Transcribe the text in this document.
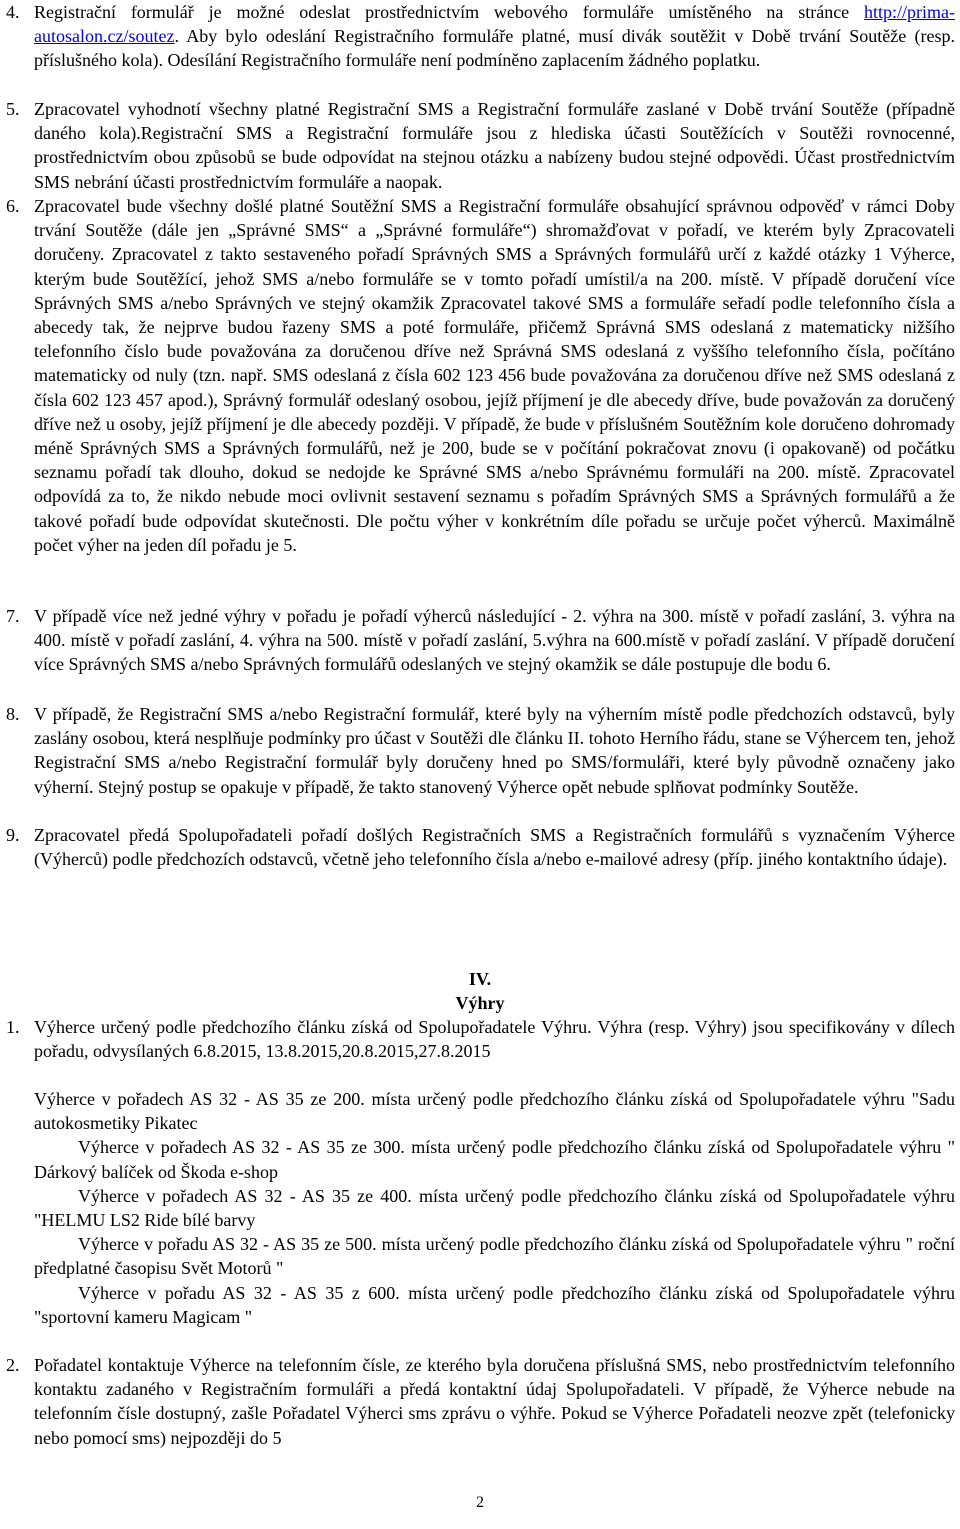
4. Registrační formulář je možné odeslat prostřednictvím webového formuláře umístěného na stránce http://prima-autosalon.cz/soutez. Aby bylo odeslání Registračního formuláře platné, musí divák soutěžit v Době trvání Soutěže (resp. příslušného kola). Odesílání Registračního formuláře není podmíněno zaplacením žádného poplatku.
5. Zpracovatel vyhodnotí všechny platné Registrační SMS a Registrační formuláře zaslané v Době trvání Soutěže (případně daného kola).Registrační SMS a Registrační formuláře jsou z hlediska účasti Soutěžících v Soutěži rovnocenné, prostřednictvím obou způsobů se bude odpovídat na stejnou otázku a nabízeny budou stejné odpovědi. Účast prostřednictvím SMS nebrání účasti prostřednictvím formuláře a naopak.
6. Zpracovatel bude všechny došlé platné Soutěžní SMS a Registrační formuláře obsahující správnou odpověď v rámci Doby trvání Soutěže (dále jen „Správné SMS“ a „Správné formuláře“) shromažďovat v pořadí, ve kterém byly Zpracovateli doručeny. Zpracovatel z takto sestaveného pořadí Správných SMS a Správných formulářů určí z každé otázky 1 Výherce, kterým bude Soutěžící, jehož SMS a/nebo formuláře se v tomto pořadí umístil/a na 200. místě. V případě doručení více Správných SMS a/nebo Správných ve stejný okamžik Zpracovatel takové SMS a formuláře seřadí podle telefonního čísla a abecedy tak, že nejprve budou řazeny SMS a poté formuláře, přičemž Správná SMS odeslaná z matematicky nižšího telefonního číslo bude považována za doručenou dříve než Správná SMS odeslaná z vyššího telefonního čísla, počítáno matematicky od nuly (tzn. např. SMS odeslaná z čísla 602 123 456 bude považována za doručenou dříve než SMS odeslaná z čísla 602 123 457 apod.), Správný formulář odeslaný osobou, jejíž příjmení je dle abecedy dříve, bude považován za doručený dříve než u osoby, jejíž příjmení je dle abecedy později. V případě, že bude v příslušném Soutěžním kole doručeno dohromady méně Správných SMS a Správných formulářů, než je 200, bude se v počítání pokračovat znovu (i opakovaně) od počátku seznamu pořadí tak dlouho, dokud se nedojde ke Správné SMS a/nebo Správnému formuláři na 200. místě. Zpracovatel odpovídá za to, že nikdo nebude moci ovlivnit sestavení seznamu s pořadím Správných SMS a Správných formulářů a že takové pořadí bude odpovídat skutečnosti. Dle počtu výher v konkrétním díle pořadu se určuje počet výherců. Maximálně počet výher na jeden díl pořadu je 5.
7. V případě více než jedné výhry v pořadu je pořadí výherců následující - 2. výhra na 300. místě v pořadí zaslání, 3. výhra na 400. místě v pořadí zaslání, 4. výhra na 500. místě v pořadí zaslání, 5.výhra na 600.místě v pořadí zaslání. V případě doručení více Správných SMS a/nebo Správných formulářů odeslaných ve stejný okamžik se dále postupuje dle bodu 6.
8. V případě, že Registrační SMS a/nebo Registrační formulář, které byly na výherním místě podle předchozích odstavců, byly zaslány osobou, která nesplňuje podmínky pro účast v Soutěži dle článku II. tohoto Herního řádu, stane se Výhercem ten, jehož Registrační SMS a/nebo Registrační formulář byly doručeny hned po SMS/formuláři, které byly původně označeny jako výherní. Stejný postup se opakuje v případě, že takto stanovený Výherce opět nebude splňovat podmínky Soutěže.
9. Zpracovatel předá Spolupořadateli pořadí došlých Registračních SMS a Registračních formulářů s vyznačením Výherce (Výherců) podle předchozích odstavců, včetně jeho telefonního čísla a/nebo e-mailové adresy (příp. jiného kontaktního údaje).
IV.
Výhry
1. Výherce určený podle předchozího článku získá od Spolupořadatele Výhru. Výhra (resp. Výhry) jsou specifikovány v dílech pořadu, odvysílaných 6.8.2015, 13.8.2015,20.8.2015,27.8.2015
Výherce v pořadech AS 32 - AS 35 ze 200. místa určený podle předchozího článku získá od Spolupořadatele výhru "Sadu autokosmetiky Pikatec
Výherce v pořadech AS 32 - AS 35 ze 300. místa určený podle předchozího článku získá od Spolupořadatele výhru " Dárkový balíček od Škoda e-shop
Výherce v pořadech AS 32 - AS 35 ze 400. místa určený podle předchozího článku získá od Spolupořadatele výhru "HELMU LS2 Ride bílé barvy
Výherce v pořadu AS 32 - AS 35 ze 500. místa určený podle předchozího článku získá od Spolupořadatele výhru " roční předplatné časopisu Svět Motorů "
Výherce v pořadu AS 32 - AS 35 z 600. místa určený podle předchozího článku získá od Spolupořadatele výhru "sportovní kameru Magicam "
2. Pořadatel kontaktuje Výherce na telefonním čísle, ze kterého byla doručena příslušná SMS, nebo prostřednictvím telefonního kontaktu zadaného v Registračním formuláři a předá kontaktní údaj Spolupořadateli. V případě, že Výherce nebude na telefonním čísle dostupný, zašle Pořadatel Výherci sms zprávu o výhře. Pokud se Výherce Pořadateli neozve zpět (telefonicky nebo pomocí sms) nejpozději do 5
2
